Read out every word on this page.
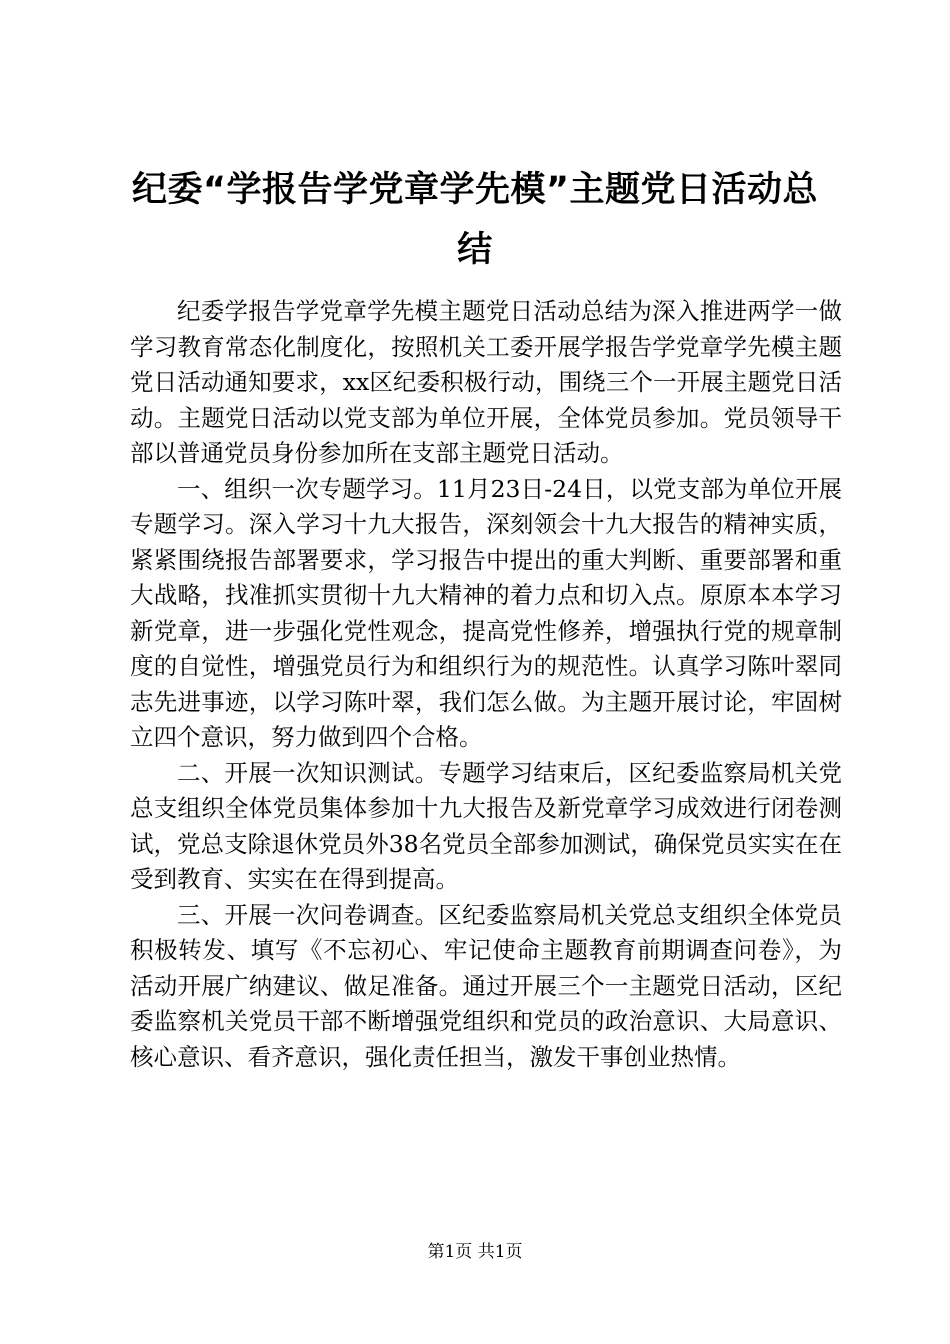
纪委“学报告学党章学先模”主题党日活动总结

纪委学报告学党章学先模主题党日活动总结为深入推进两学一做学习教育常态化制度化，按照机关工委开展学报告学党章学先模主题党日活动通知要求，xx区纪委积极行动，围绕三个一开展主题党日活动。主题党日活动以党支部为单位开展，全体党员参加。党员领导干部以普通党员身份参加所在支部主题党日活动。

一、组织一次专题学习。11月23日-24日，以党支部为单位开展专题学习。深入学习十九大报告，深刻领会十九大报告的精神实质，紧紧围绕报告部署要求，学习报告中提出的重大判断、重要部署和重大战略，找准抓实贯彻十九大精神的着力点和切入点。原原本本学习新党章，进一步强化党性观念，提高党性修养，增强执行党的规章制度的自觉性，增强党员行为和组织行为的规范性。认真学习陈叶翠同志先进事迹，以学习陈叶翠，我们怎么做。为主题开展讨论，牢固树立四个意识，努力做到四个合格。

二、开展一次知识测试。专题学习结束后，区纪委监察局机关党总支组织全体党员集体参加十九大报告及新党章学习成效进行闭卷测试，党总支除退休党员外38名党员全部参加测试，确保党员实实在在受到教育、实实在在得到提高。

三、开展一次问卷调查。区纪委监察局机关党总支组织全体党员积极转发、填写《不忘初心、牢记使命主题教育前期调查问卷》，为活动开展广纳建议、做足准备。通过开展三个一主题党日活动，区纪委监察机关党员干部不断增强党组织和党员的政治意识、大局意识、核心意识、看齐意识，强化责任担当，激发干事创业热情。

第1页 共1页
